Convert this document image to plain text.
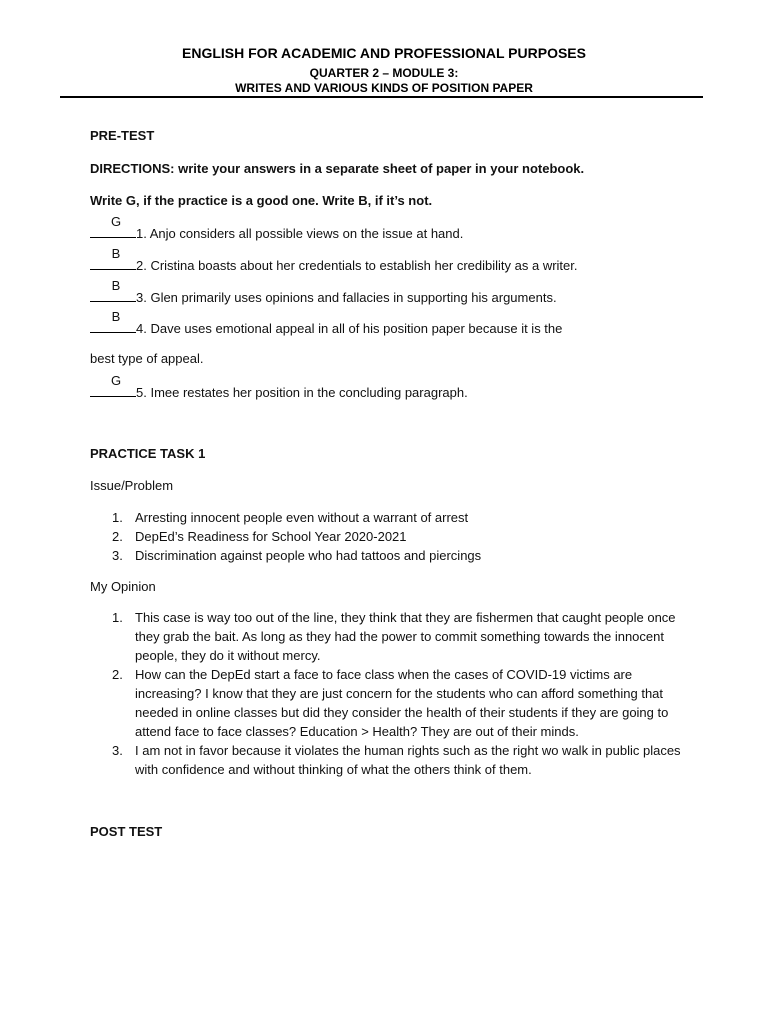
ENGLISH FOR ACADEMIC AND PROFESSIONAL PURPOSES
QUARTER 2 – MODULE 3:
WRITES AND VARIOUS KINDS OF POSITION PAPER
PRE-TEST
DIRECTIONS: write your answers in a separate sheet of paper in your notebook.
Write G, if the practice is a good one. Write B, if it’s not.
G
1. Anjo considers all possible views on the issue at hand.
B
2. Cristina boasts about her credentials to establish her credibility as a writer.
B
3. Glen primarily uses opinions and fallacies in supporting his arguments.
B
4. Dave uses emotional appeal in all of his position paper because it is the
best type of appeal.
G
5. Imee restates her position in the concluding paragraph.
PRACTICE TASK 1
Issue/Problem
1. Arresting innocent people even without a warrant of arrest
2. DepEd’s Readiness for School Year 2020-2021
3. Discrimination against people who had tattoos and piercings
My Opinion
1. This case is way too out of the line, they think that they are fishermen that caught people once they grab the bait. As long as they had the power to commit something towards the innocent people, they do it without mercy.
2. How can the DepEd start a face to face class when the cases of COVID-19 victims are increasing? I know that they are just concern for the students who can afford something that needed in online classes but did they consider the health of their students if they are going to attend face to face classes? Education > Health? They are out of their minds.
3. I am not in favor because it violates the human rights such as the right wo walk in public places with confidence and without thinking of what the others think of them.
POST TEST
